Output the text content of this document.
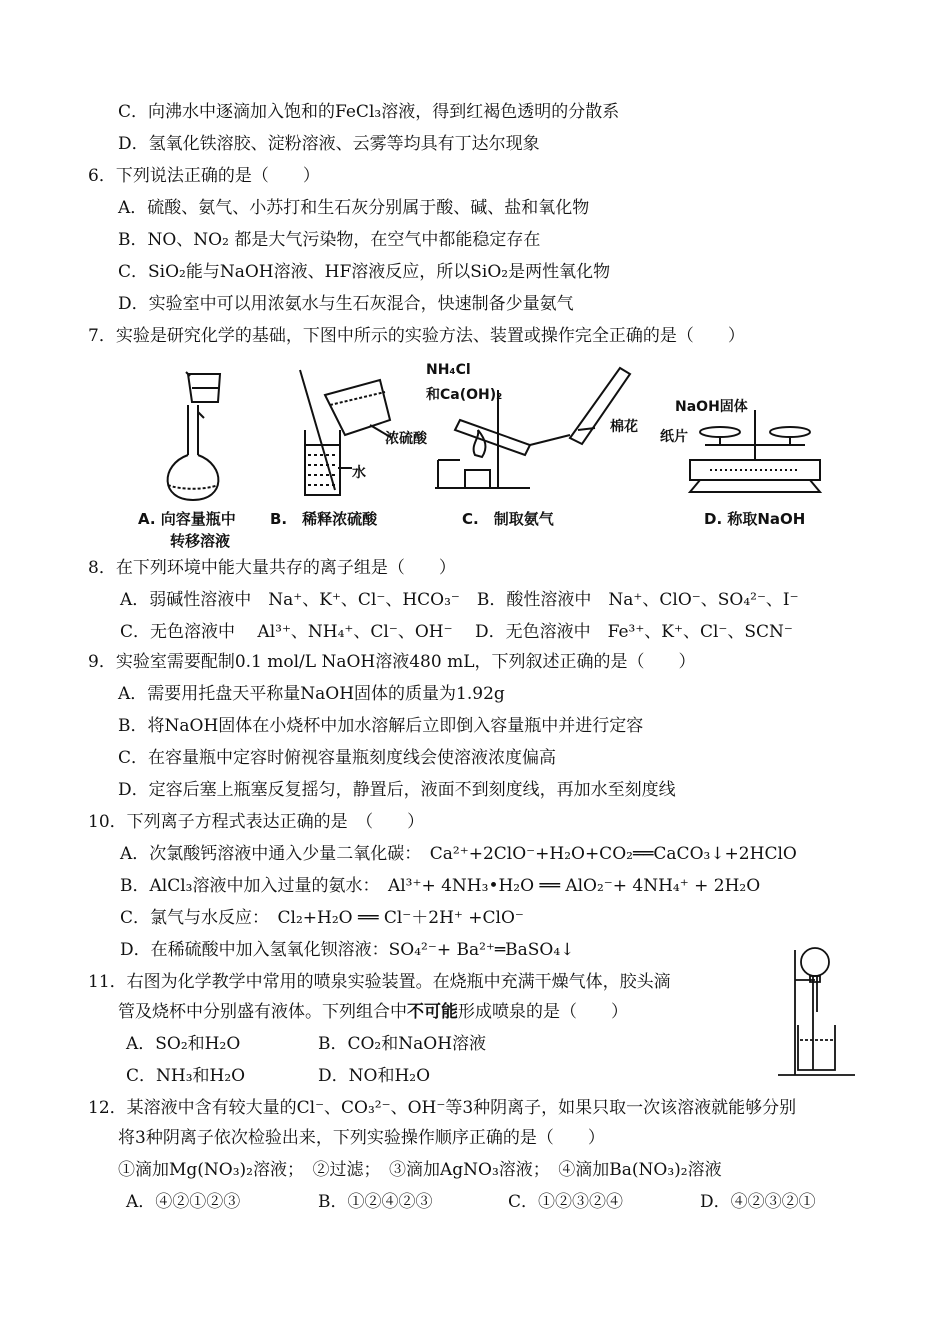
C．向沸水中逐滴加入饱和的FeCl₃溶液，得到红褐色透明的分散系
D．氢氧化铁溶胶、淀粉溶液、云雾等均具有丁达尔现象
6．下列说法正确的是（　　）
A．硫酸、氨气、小苏打和生石灰分别属于酸、碱、盐和氧化物
B．NO、NO₂ 都是大气污染物，在空气中都能稳定存在
C．SiO₂能与NaOH溶液、HF溶液反应，所以SiO₂是两性氧化物
D．实验室中可以用浓氨水与生石灰混合，快速制备少量氨气
7．实验是研究化学的基础，下图中所示的实验方法、装置或操作完全正确的是（　　）
浓硫酸
水
NH₄Cl
和Ca(OH)₂
棉花
NaOH固体
纸片
A. 向容量瓶中
转移溶液
B.　稀释浓硫酸	C.　制取氨气	D. 称取NaOH
8．在下列环境中能大量共存的离子组是（　　）
A．弱碱性溶液中　Na⁺、K⁺、Cl⁻、HCO₃⁻　B．酸性溶液中　Na⁺、ClO⁻、SO₄²⁻、I⁻
C．无色溶液中　 Al³⁺、NH₄⁺、Cl⁻、OH⁻　 D．无色溶液中　Fe³⁺、K⁺、Cl⁻、SCN⁻
9．实验室需要配制0.1 mol/L NaOH溶液480 mL，下列叙述正确的是（　　）
A．需要用托盘天平称量NaOH固体的质量为1.92g
B．将NaOH固体在小烧杯中加水溶解后立即倒入容量瓶中并进行定容
C．在容量瓶中定容时俯视容量瓶刻度线会使溶液浓度偏高
D．定容后塞上瓶塞反复摇匀，静置后，液面不到刻度线，再加水至刻度线
10．下列离子方程式表达正确的是　（　　）
A．次氯酸钙溶液中通入少量二氧化碳：　Ca²⁺+2ClO⁻+H₂O+CO₂══CaCO₃↓+2HClO
B．AlCl₃溶液中加入过量的氨水：　Al³⁺+ 4NH₃•H₂O ══ AlO₂⁻+ 4NH₄⁺ + 2H₂O
C．氯气与水反应：　Cl₂+H₂O ══ Cl⁻＋2H⁺ +ClO⁻
D．在稀硫酸中加入氢氧化钡溶液：SO₄²⁻+ Ba²⁺═BaSO₄↓
11．右图为化学教学中常用的喷泉实验装置。在烧瓶中充满干燥气体，胶头滴
管及烧杯中分别盛有液体。下列组合中不可能形成喷泉的是（　　）
A．SO₂和H₂O	B．CO₂和NaOH溶液
C．NH₃和H₂O	D．NO和H₂O
12．某溶液中含有较大量的Cl⁻、CO₃²⁻、OH⁻等3种阴离子，如果只取一次该溶液就能够分别
将3种阴离子依次检验出来，下列实验操作顺序正确的是（　　）
①滴加Mg(NO₃)₂溶液；　②过滤；　③滴加AgNO₃溶液；　④滴加Ba(NO₃)₂溶液
A．④②①②③	B．①②④②③	C．①②③②④	D．④②③②①
